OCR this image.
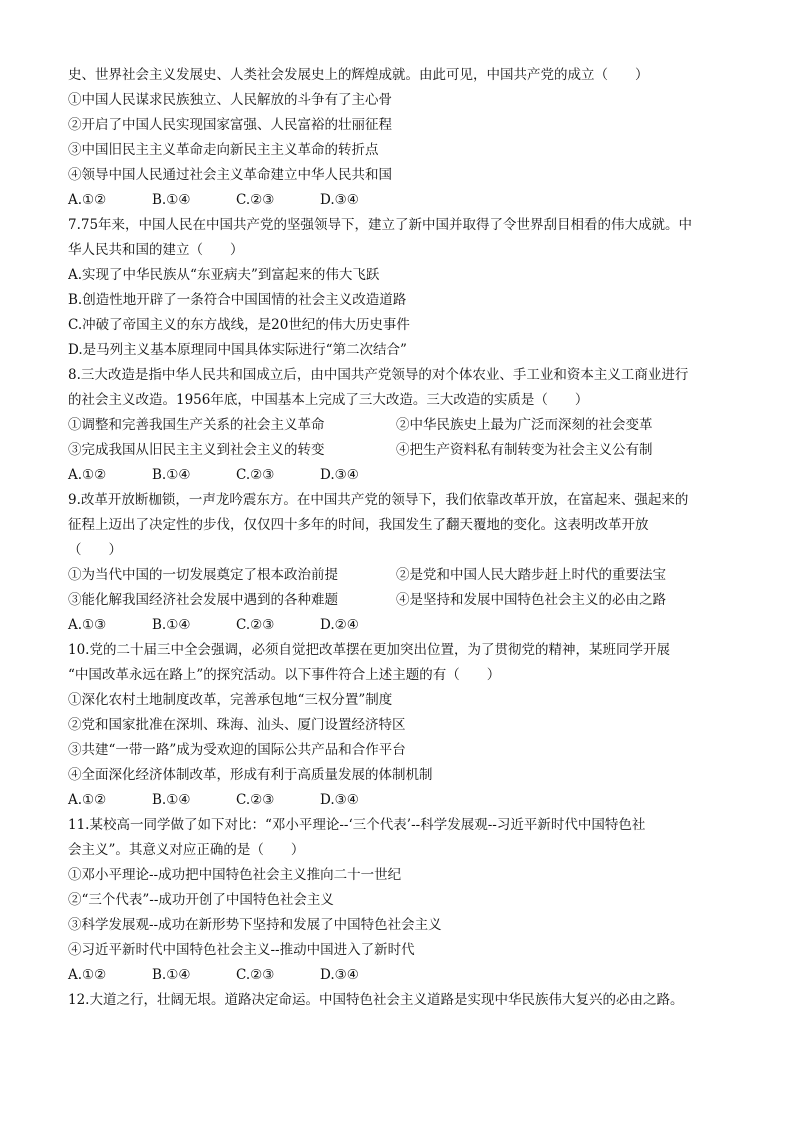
史、世界社会主义发展史、人类社会发展史上的辉煌成就。由此可见，中国共产党的成立（　　）
①中国人民谋求民族独立、人民解放的斗争有了主心骨
②开启了中国人民实现国家富强、人民富裕的壮丽征程
③中国旧民主主义革命走向新民主主义革命的转折点
④领导中国人民通过社会主义革命建立中华人民共和国
A.①②	B.①④	C.②③	D.③④
7.75年来，中国人民在中国共产党的坚强领导下，建立了新中国并取得了令世界刮目相看的伟大成就。中
华人民共和国的建立（　　）
A.实现了中华民族从“东亚病夫”到富起来的伟大飞跃
B.创造性地开辟了一条符合中国国情的社会主义改造道路
C.冲破了帝国主义的东方战线，是20世纪的伟大历史事件
D.是马列主义基本原理同中国具体实际进行“第二次结合”
8.三大改造是指中华人民共和国成立后，由中国共产党领导的对个体农业、手工业和资本主义工商业进行
的社会主义改造。1956年底，中国基本上完成了三大改造。三大改造的实质是（　　）
①调整和完善我国生产关系的社会主义革命	②中华民族史上最为广泛而深刻的社会变革
③完成我国从旧民主主义到社会主义的转变	④把生产资料私有制转变为社会主义公有制
A.①②	B.①④	C.②③	D.③④
9.改革开放断枷锁，一声龙吟震东方。在中国共产党的领导下，我们依靠改革开放，在富起来、强起来的
征程上迈出了决定性的步伐，仅仅四十多年的时间，我国发生了翻天覆地的变化。这表明改革开放
（　　）
①为当代中国的一切发展奠定了根本政治前提	②是党和中国人民大踏步赶上时代的重要法宝
③能化解我国经济社会发展中遇到的各种难题	④是坚持和发展中国特色社会主义的必由之路
A.①③	B.①④	C.②③	D.②④
10.党的二十届三中全会强调，必须自觉把改革摆在更加突出位置，为了贯彻党的精神，某班同学开展
“中国改革永远在路上”的探究活动。以下事件符合上述主题的有（　　）
①深化农村土地制度改革，完善承包地“三权分置”制度
②党和国家批准在深圳、珠海、汕头、厦门设置经济特区
③共建“一带一路”成为受欢迎的国际公共产品和合作平台
④全面深化经济体制改革，形成有利于高质量发展的体制机制
A.①②	B.①④	C.②③	D.③④
11.某校高一同学做了如下对比：“邓小平理论--‘三个代表’--科学发展观--习近平新时代中国特色社
会主义”。其意义对应正确的是（　　）
①邓小平理论--成功把中国特色社会主义推向二十一世纪
②“三个代表”--成功开创了中国特色社会主义
③科学发展观--成功在新形势下坚持和发展了中国特色社会主义
④习近平新时代中国特色社会主义--推动中国进入了新时代
A.①②	B.①④	C.②③	D.③④
12.大道之行，壮阔无垠。道路决定命运。中国特色社会主义道路是实现中华民族伟大复兴的必由之路。
